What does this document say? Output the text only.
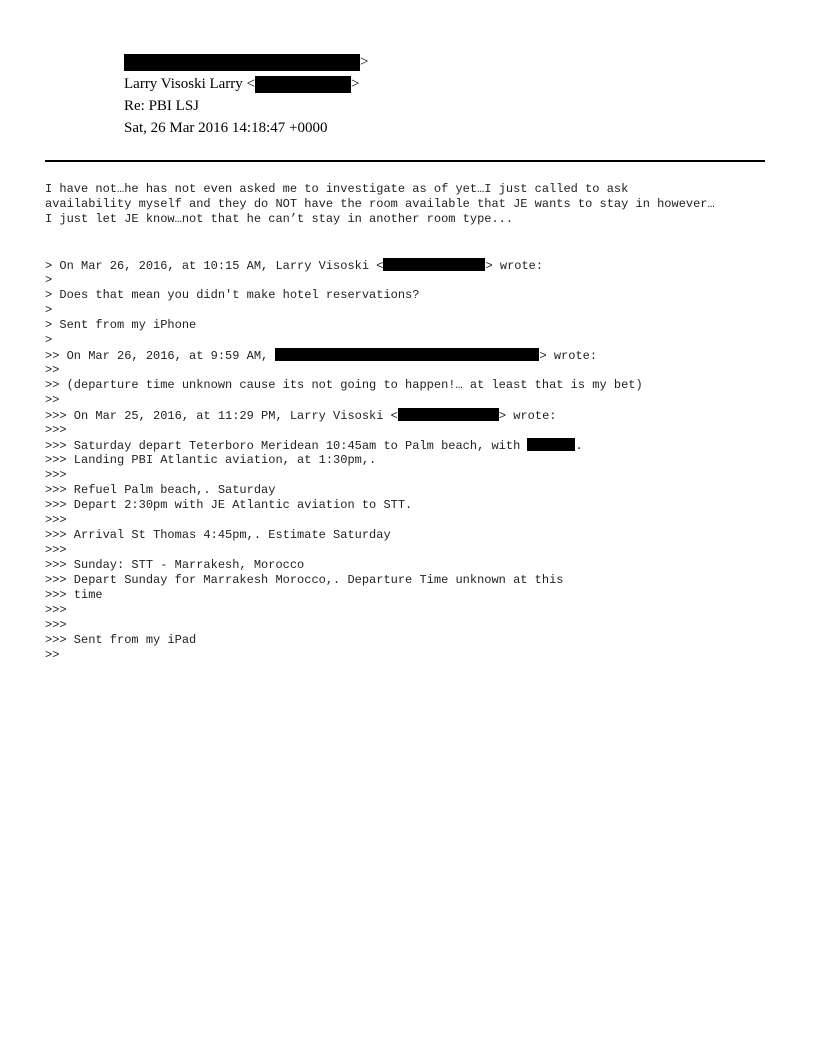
>
Larry Visoski Larry <	>
Re: PBI LSJ
Sat, 26 Mar 2016 14:18:47 +0000
I have not…he has not even asked me to investigate as of yet…I just called to ask
availability myself and they do NOT have the room available that JE wants to stay in however…
I just let JE know…not that he can’t stay in another room type...
> On Mar 26, 2016, at 10:15 AM, Larry Visoski <	> wrote:
>
> Does that mean you didn't make hotel reservations?
>
> Sent from my iPhone
>
>> On Mar 26, 2016, at 9:59 AM,	> wrote:
>>
>> (departure time unknown cause its not going to happen!… at least that is my bet)
>>
>>> On Mar 25, 2016, at 11:29 PM, Larry Visoski <	> wrote:
>>>
>>> Saturday depart Teterboro Meridean 10:45am to Palm beach, with	.
>>> Landing PBI Atlantic aviation, at 1:30pm,.
>>>
>>> Refuel Palm beach,. Saturday
>>> Depart 2:30pm with JE Atlantic aviation to STT.
>>>
>>> Arrival St Thomas 4:45pm,. Estimate Saturday
>>>
>>> Sunday: STT - Marrakesh, Morocco
>>> Depart Sunday for Marrakesh Morocco,. Departure Time unknown at this
>>> time
>>>
>>>
>>> Sent from my iPad
>>
